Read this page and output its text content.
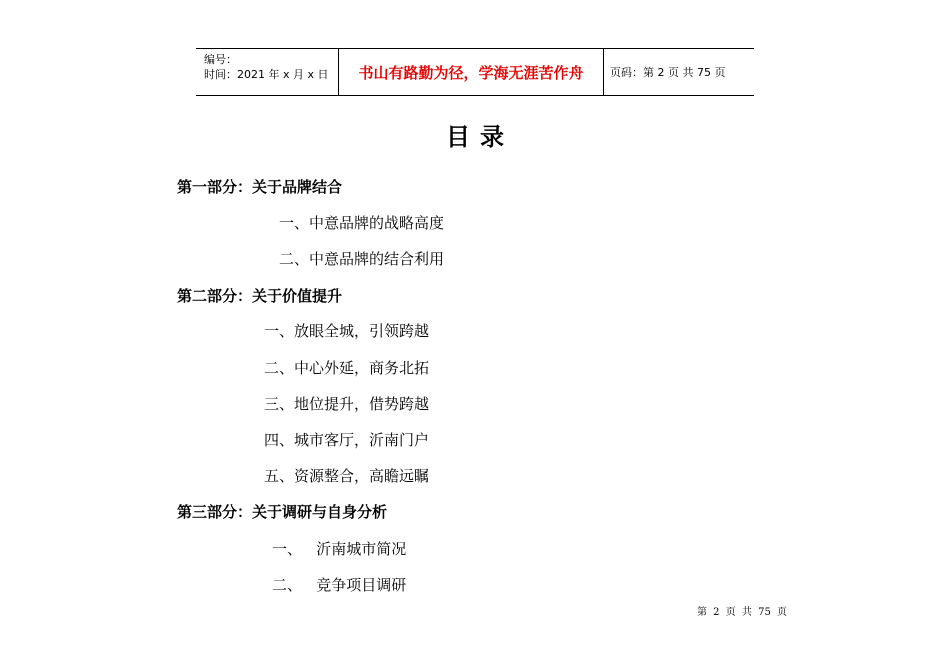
编号：
时间：2021 年 x 月 x 日	书山有路勤为径，学海无涯苦作舟	页码：第 2 页 共 75 页
目录
第一部分：关于品牌结合
一、中意品牌的战略高度
二、中意品牌的结合利用
第二部分：关于价值提升
一、放眼全城，引领跨越
二、中心外延，商务北拓
三、地位提升，借势跨越
四、城市客厅，沂南门户
五、资源整合，高瞻远瞩
第三部分：关于调研与自身分析
一、   沂南城市简况
二、   竞争项目调研
第 2 页 共 75 页
